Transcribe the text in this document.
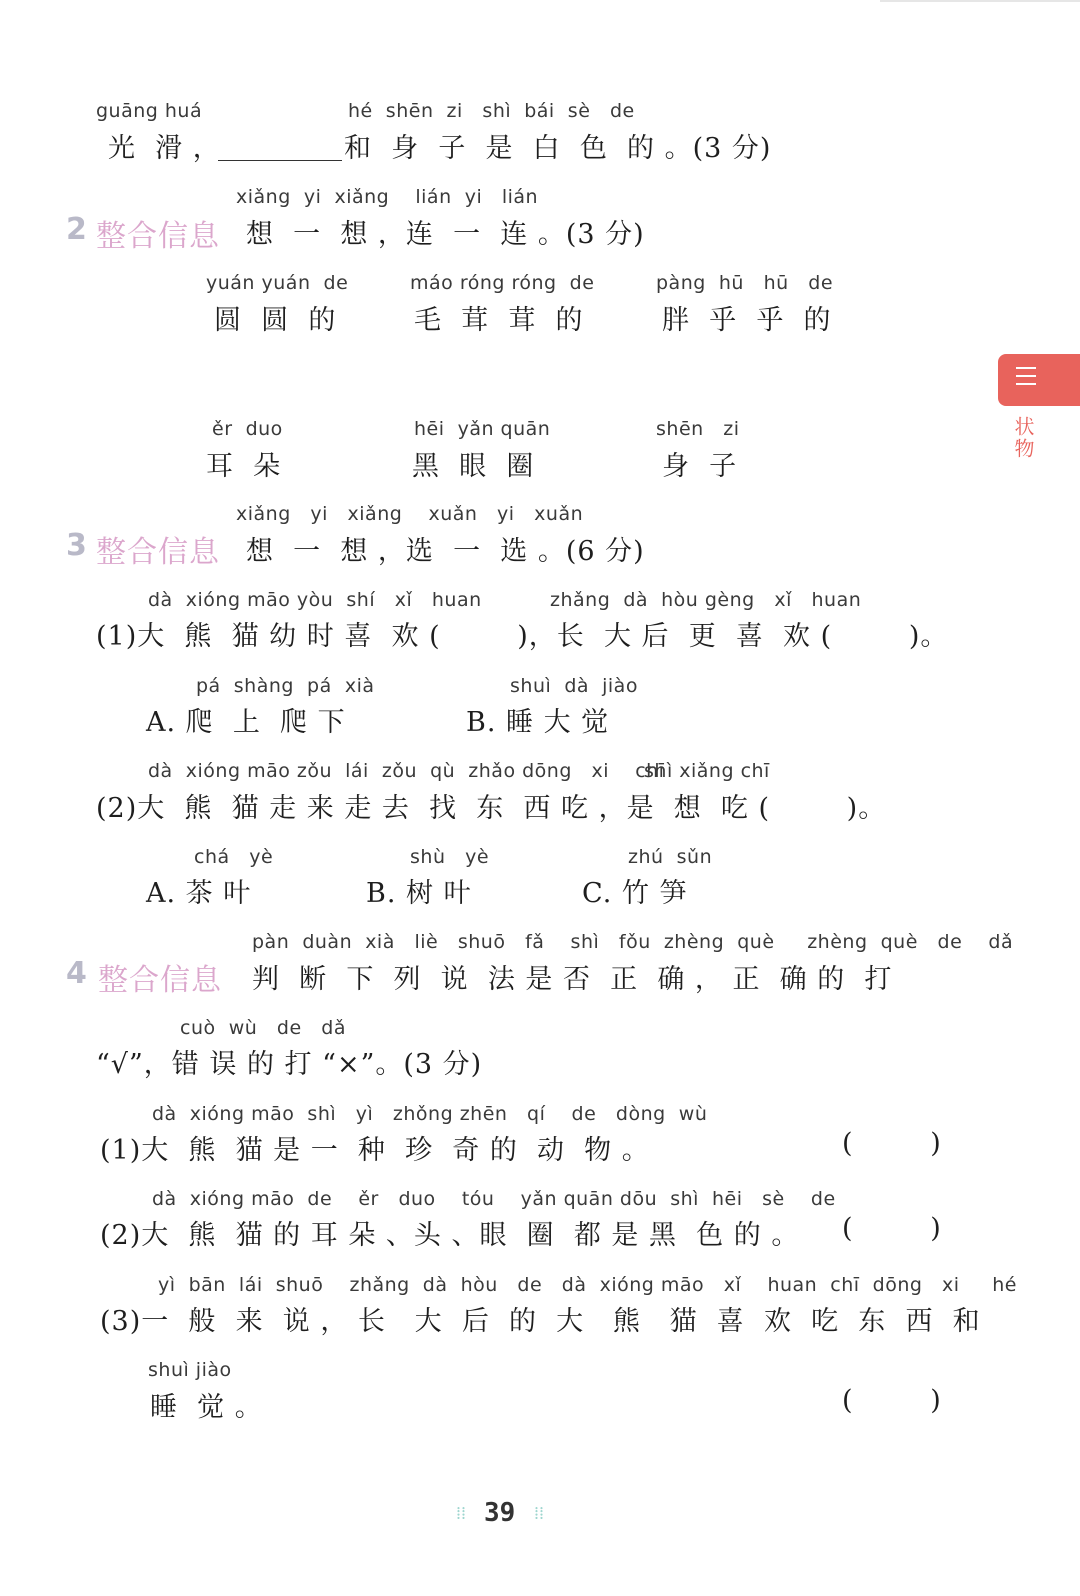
guāng huá
光  滑 ，
hé  shēn  zi   shì  bái  sè   de
和  身  子  是  白  色  的 。(3 分)
2 整合信息
xiǎng  yi  xiǎng    lián  yi   lián
想  一  想 ，连  一  连 。(3 分)
yuán yuán  de
圆  圆  的
máo róng róng  de
毛  茸  茸  的
pàng  hū   hū   de
胖  乎  乎  的
ěr  duo
耳  朵
hēi  yǎn quān
黑  眼  圈
shēn   zi
身  子
3 整合信息
xiǎng   yi   xiǎng    xuǎn   yi   xuǎn
想  一  想 ，选  一  选 。(6 分)
dà  xióng māo yòu  shí   xǐ   huan	zhǎng  dà  hòu gèng   xǐ   huan
(1)大  熊  猫 幼 时 喜  欢 (        )，长  大 后  更  喜  欢 (        )。
pá  shàng  pá  xià
A. 爬  上  爬 下
shuì  dà  jiào
B. 睡 大 觉
dà  xióng māo zǒu  lái  zǒu  qù  zhǎo dōng   xi    chī
shì xiǎng chī
(2)大  熊  猫 走 来 走 去  找  东  西 吃 ，是  想  吃 (        )。
chá   yè
A. 茶 叶
shù   yè
B. 树 叶
zhú  sǔn
C. 竹 笋
4 整合信息
pàn  duàn  xià   liè   shuō   fǎ    shì   fǒu  zhèng  què     zhèng  què   de    dǎ
判  断  下  列  说  法 是 否  正  确 ， 正  确 的  打
cuò  wù   de   dǎ
“√”，错 误 的 打 “×”。(3 分)
dà  xióng māo  shì   yì   zhǒng zhēn   qí    de   dòng  wù
(1)大  熊  猫 是 一  种  珍  奇 的  动  物 。	(        )
dà  xióng māo  de    ěr   duo    tóu    yǎn quān dōu  shì  hēi   sè    de
(2)大  熊  猫 的 耳 朵 、头 、眼  圈  都 是 黑  色 的 。 (        )
yì  bān  lái  shuō    zhǎng  dà  hòu   de   dà  xióng māo   xǐ    huan  chī  dōng   xi     hé
(3)一  般  来  说 ， 长   大  后  的  大   熊   猫  喜  欢  吃  东  西  和
shuì jiào
睡  觉 。	(        )
状物
⁞⁞ 39 ⁞⁞
